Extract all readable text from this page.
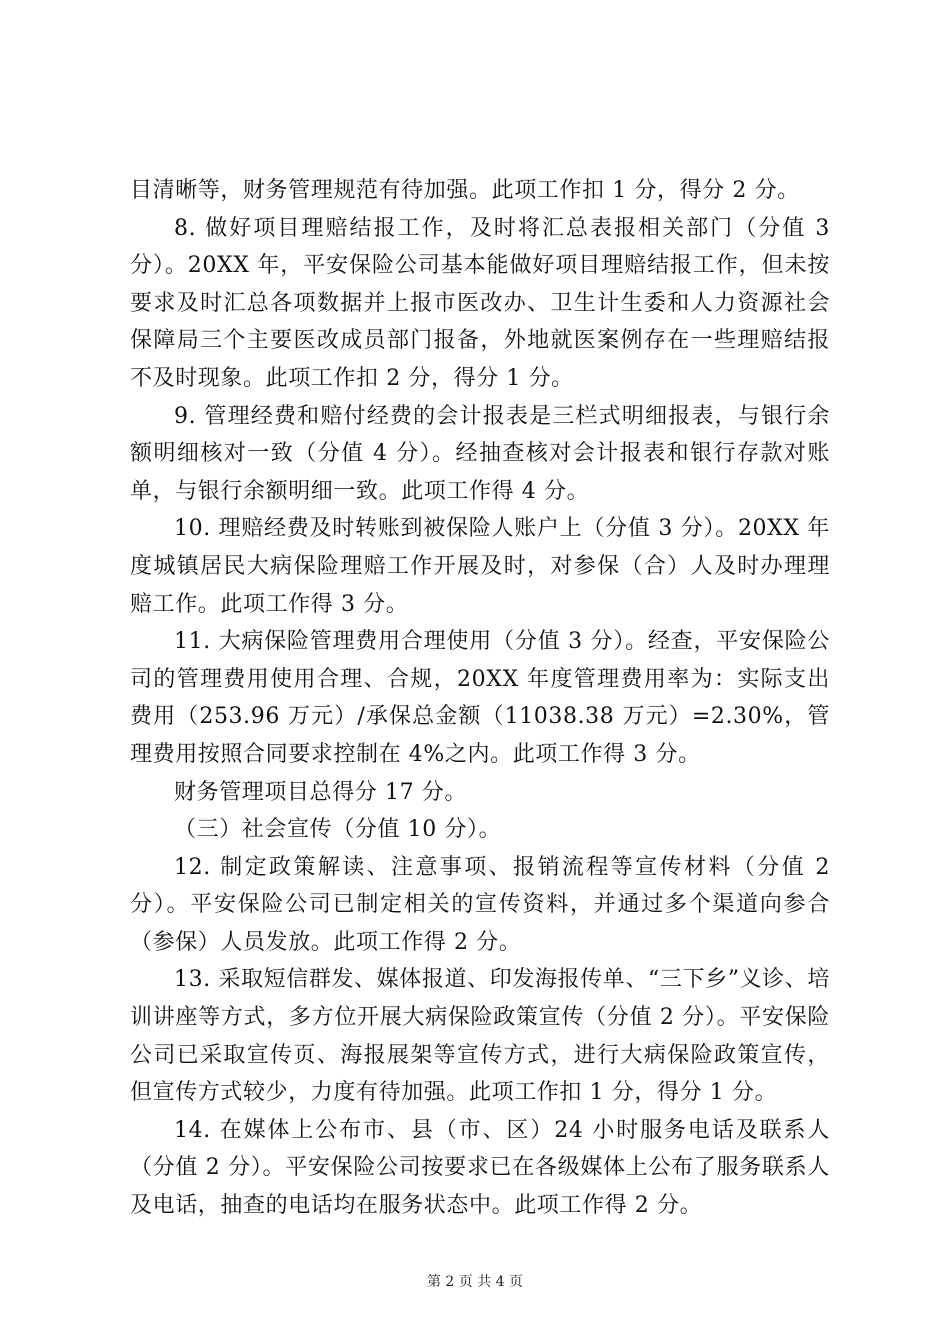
目清晰等，财务管理规范有待加强。此项工作扣 1 分，得分 2 分。

8. 做好项目理赔结报工作，及时将汇总表报相关部门（分值 3 分）。20XX 年，平安保险公司基本能做好项目理赔结报工作，但未按要求及时汇总各项数据并上报市医改办、卫生计生委和人力资源社会保障局三个主要医改成员部门报备，外地就医案例存在一些理赔结报不及时现象。此项工作扣 2 分，得分 1 分。

9. 管理经费和赔付经费的会计报表是三栏式明细报表，与银行余额明细核对一致（分值 4 分）。经抽查核对会计报表和银行存款对账单，与银行余额明细一致。此项工作得 4 分。

10. 理赔经费及时转账到被保险人账户上（分值 3 分）。20XX 年度城镇居民大病保险理赔工作开展及时，对参保（合）人及时办理理赔工作。此项工作得 3 分。

11. 大病保险管理费用合理使用（分值 3 分）。经查，平安保险公司的管理费用使用合理、合规，20XX 年度管理费用率为：实际支出费用（253.96 万元）/承保总金额（11038.38 万元）=2.30%，管理费用按照合同要求控制在 4%之内。此项工作得 3 分。

财务管理项目总得分 17 分。

（三）社会宣传（分值 10 分）。

12. 制定政策解读、注意事项、报销流程等宣传材料（分值 2 分）。平安保险公司已制定相关的宣传资料，并通过多个渠道向参合（参保）人员发放。此项工作得 2 分。

13. 采取短信群发、媒体报道、印发海报传单、“三下乡”义诊、培训讲座等方式，多方位开展大病保险政策宣传（分值 2 分）。平安保险公司已采取宣传页、海报展架等宣传方式，进行大病保险政策宣传，但宣传方式较少，力度有待加强。此项工作扣 1 分，得分 1 分。

14. 在媒体上公布市、县（市、区）24 小时服务电话及联系人（分值 2 分）。平安保险公司按要求已在各级媒体上公布了服务联系人及电话，抽查的电话均在服务状态中。此项工作得 2 分。

第 2 页 共 4 页
